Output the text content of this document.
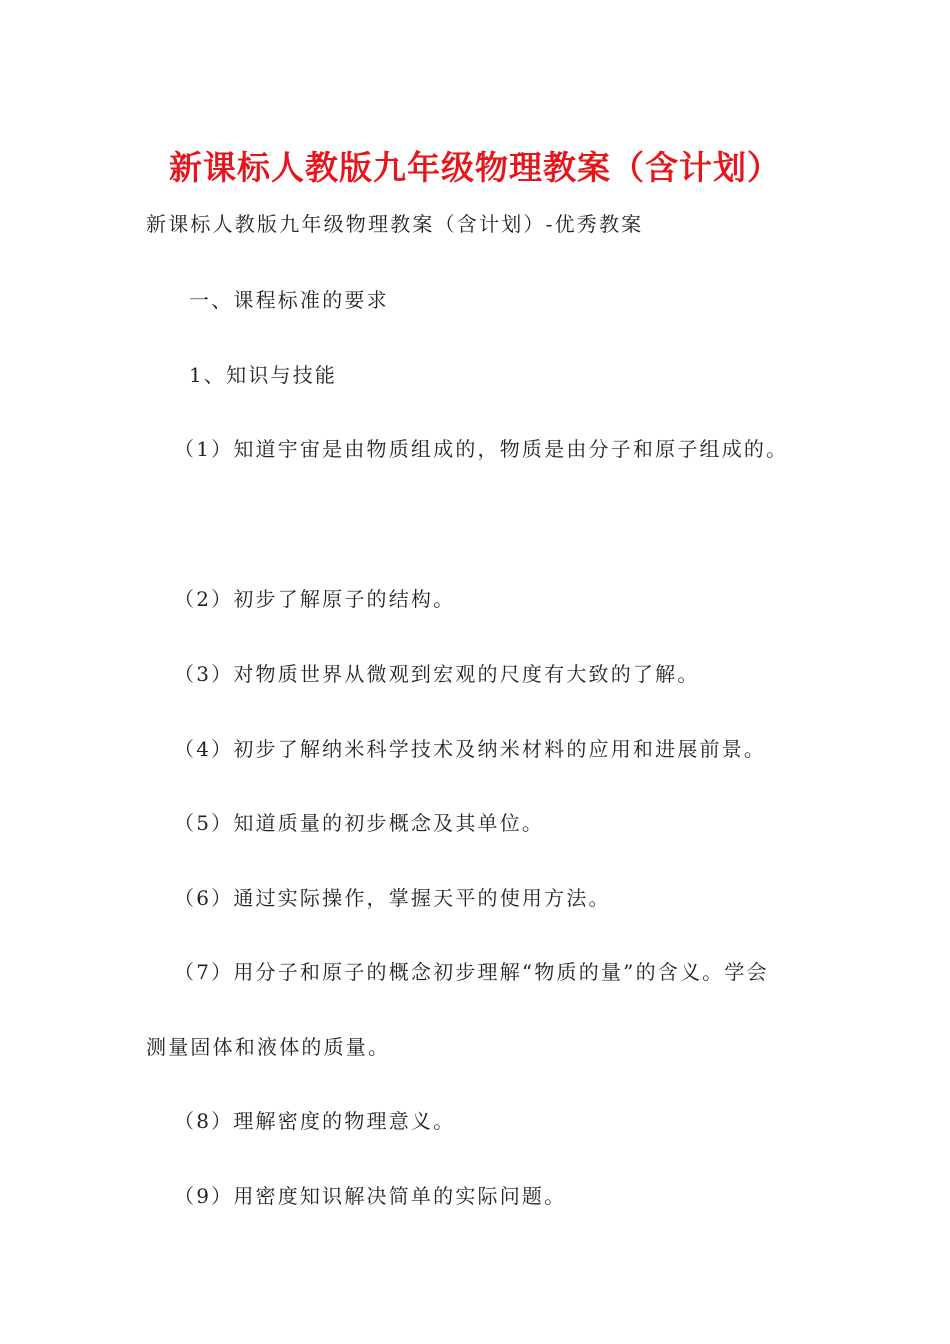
新课标人教版九年级物理教案（含计划）
新课标人教版九年级物理教案（含计划）-优秀教案
一、课程标准的要求
1、知识与技能
（1）知道宇宙是由物质组成的，物质是由分子和原子组成的。
（2）初步了解原子的结构。
（3）对物质世界从微观到宏观的尺度有大致的了解。
（4）初步了解纳米科学技术及纳米材料的应用和进展前景。
（5）知道质量的初步概念及其单位。
（6）通过实际操作，掌握天平的使用方法。
（7）用分子和原子的概念初步理解“物质的量”的含义。学会
测量固体和液体的质量。
（8）理解密度的物理意义。
（9）用密度知识解决简单的实际问题。
